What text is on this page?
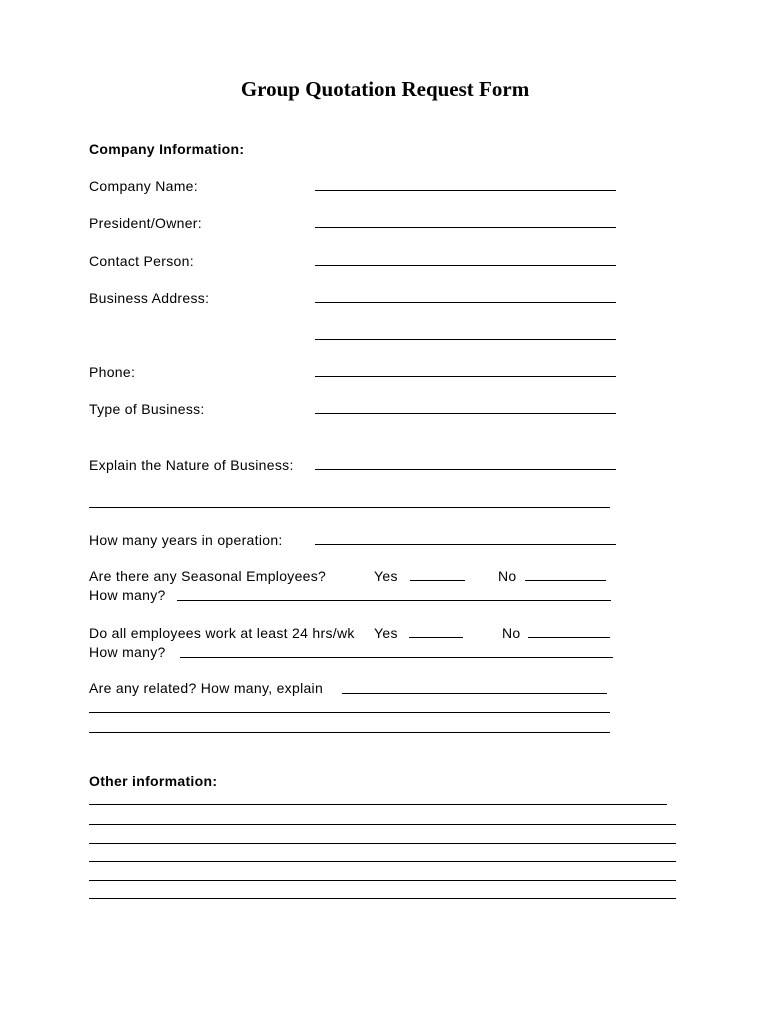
Group Quotation Request Form
Company Information:
Company Name:
President/Owner:
Contact Person:
Business Address:
Phone:
Type of Business:
Explain the Nature of Business:
How many years in operation:
Are there any Seasonal Employees?	Yes	No
How many?
Do all employees work at least 24 hrs/wk Yes	No
How many?
Are any related? How many, explain
Other information:
